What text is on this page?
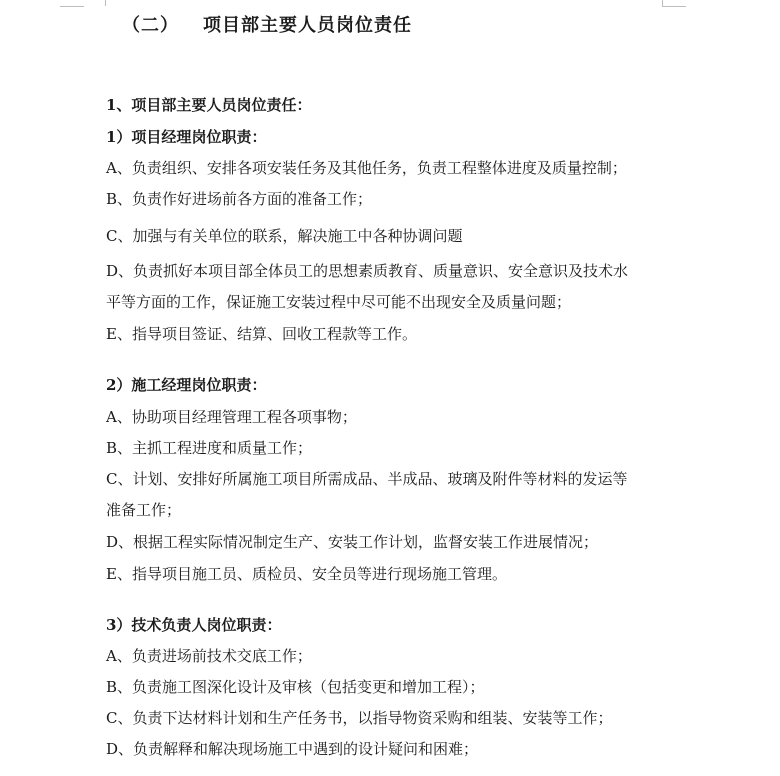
（二） 项目部主要人员岗位责任
1、项目部主要人员岗位责任：
1）项目经理岗位职责：
A、负责组织、安排各项安装任务及其他任务，负责工程整体进度及质量控制；
B、负责作好进场前各方面的准备工作；
C、加强与有关单位的联系，解决施工中各种协调问题
D、负责抓好本项目部全体员工的思想素质教育、质量意识、安全意识及技术水
平等方面的工作，保证施工安装过程中尽可能不出现安全及质量问题；
E、指导项目签证、结算、回收工程款等工作。
2）施工经理岗位职责：
A、协助项目经理管理工程各项事物；
B、主抓工程进度和质量工作；
C、计划、安排好所属施工项目所需成品、半成品、玻璃及附件等材料的发运等
准备工作；
D、根据工程实际情况制定生产、安装工作计划，监督安装工作进展情况；
E、指导项目施工员、质检员、安全员等进行现场施工管理。
3）技术负责人岗位职责：
A、负责进场前技术交底工作；
B、负责施工图深化设计及审核（包括变更和增加工程）；
C、负责下达材料计划和生产任务书，以指导物资采购和组装、安装等工作；
D、负责解释和解决现场施工中遇到的设计疑问和困难；
